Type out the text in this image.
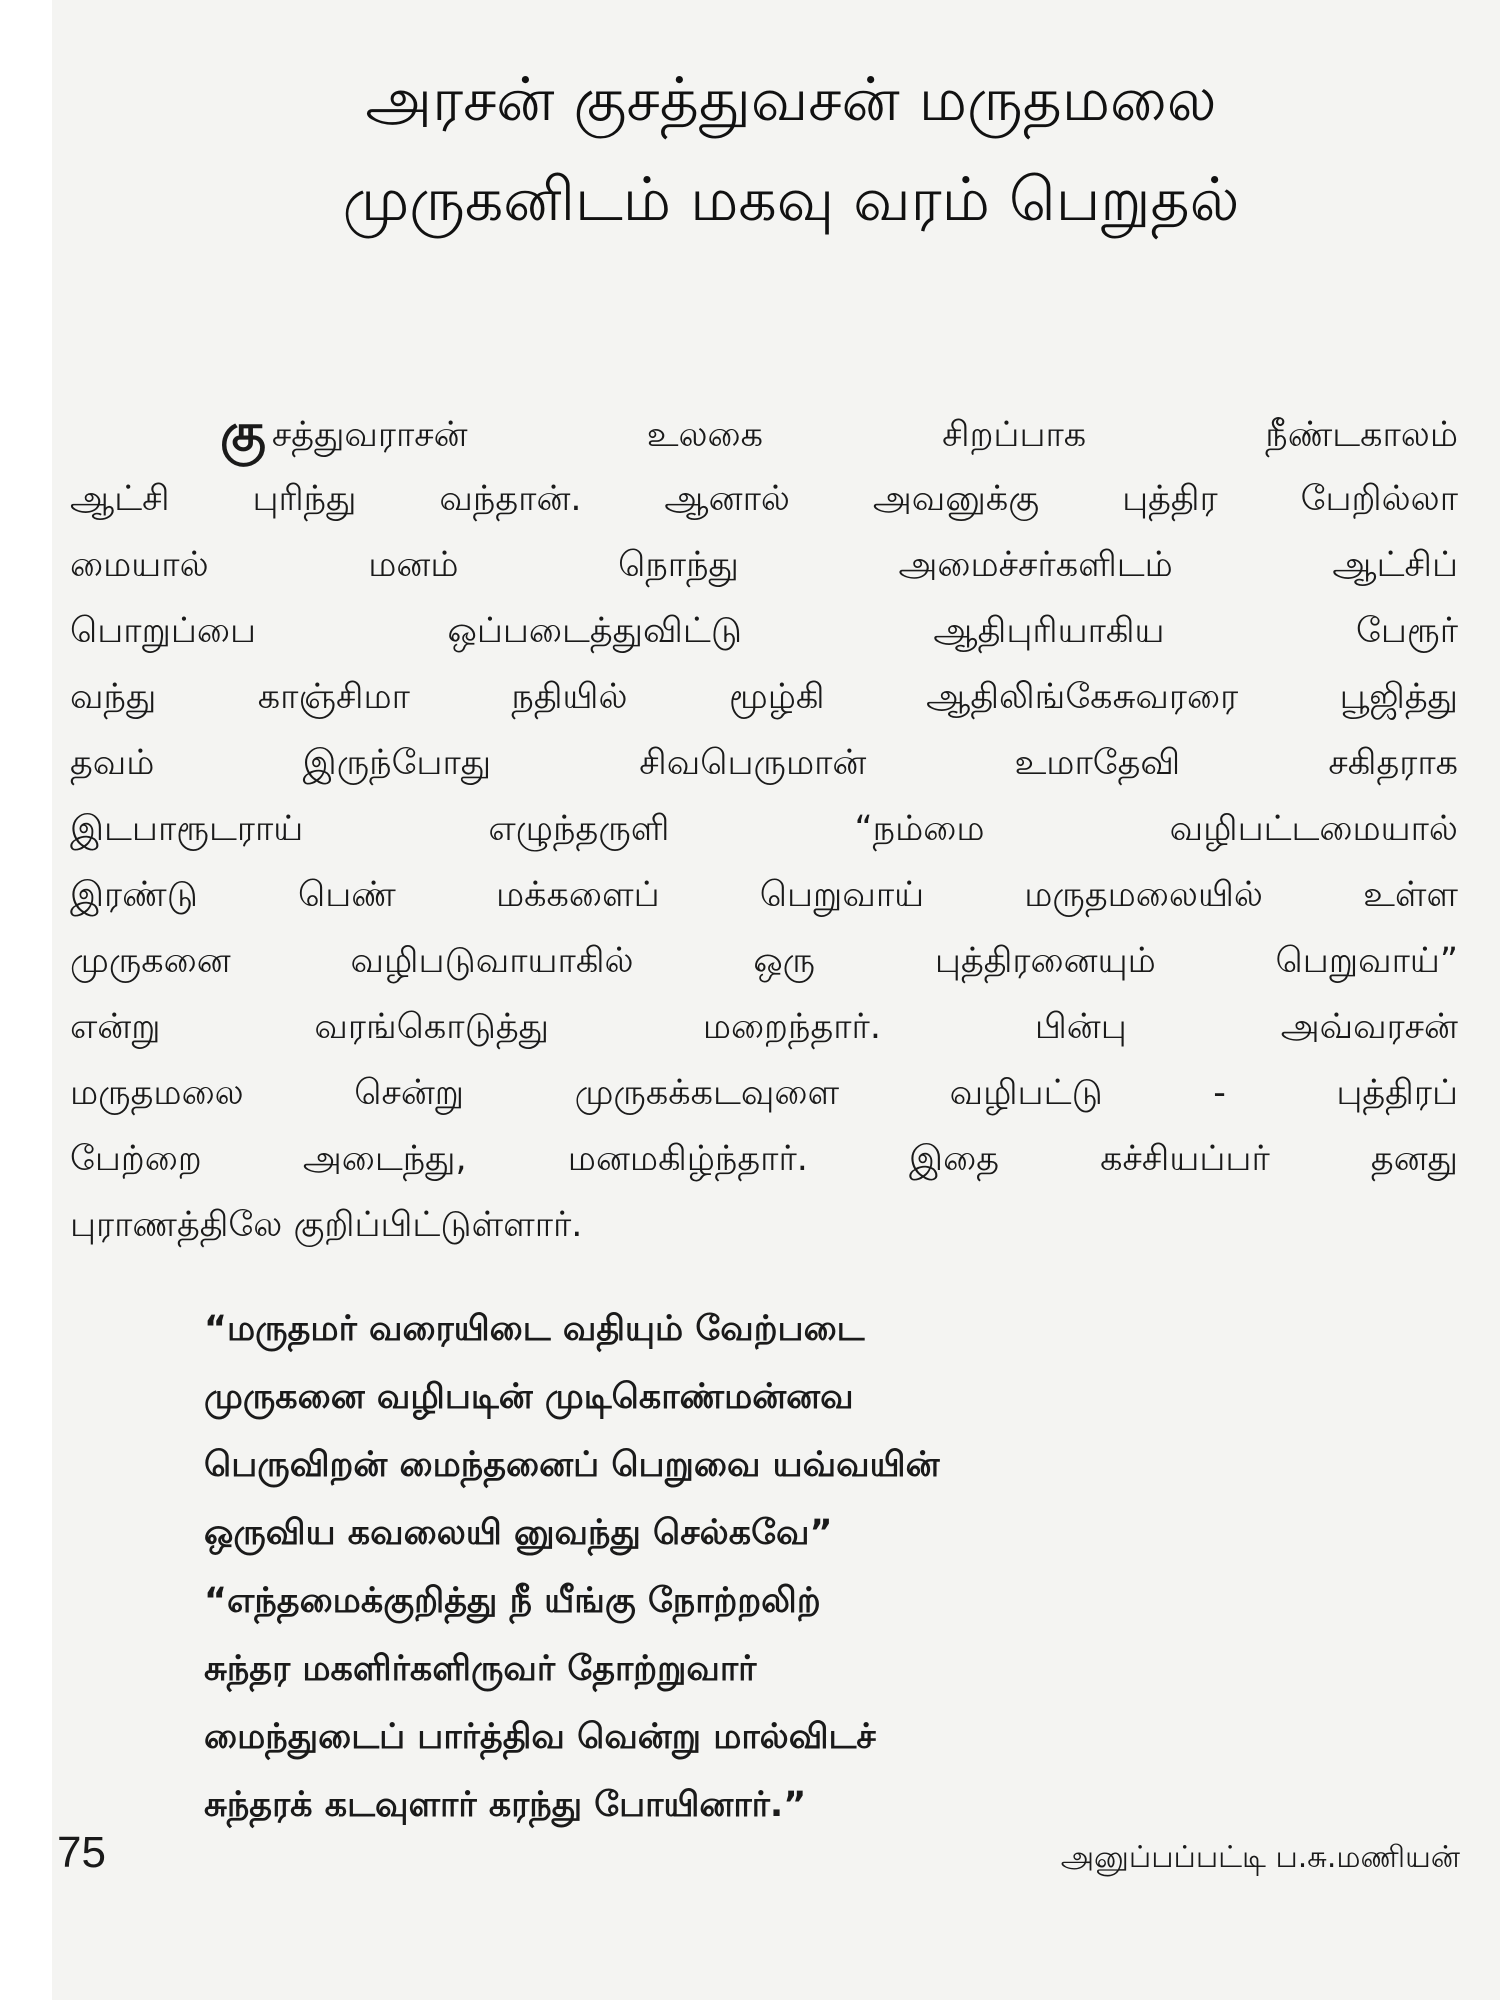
அரசன் குசத்துவசன் மருதமலை
முருகனிடம் மகவு வரம் பெறுதல்
கு சத்துவராசன் உலகை சிறப்பாக நீண்டகாலம்
ஆட்சி புரிந்து வந்தான். ஆனால் அவனுக்கு புத்திர பேறில்லா
மையால் மனம் நொந்து அமைச்சர்களிடம் ஆட்சிப்
பொறுப்பை ஒப்படைத்துவிட்டு ஆதிபுரியாகிய பேரூர்
வந்து காஞ்சிமா நதியில் மூழ்கி ஆதிலிங்கேசுவரரை பூஜித்து
தவம் இருந்போது சிவபெருமான் உமாதேவி சகிதராக
இடபாரூடராய் எழுந்தருளி “நம்மை வழிபட்டமையால்
இரண்டு பெண் மக்களைப் பெறுவாய் மருதமலையில் உள்ள
முருகனை வழிபடுவாயாகில் ஒரு புத்திரனையும் பெறுவாய்”
என்று வரங்கொடுத்து மறைந்தார். பின்பு அவ்வரசன்
மருதமலை சென்று முருகக்கடவுளை வழிபட்டு - புத்திரப்
பேற்றை அடைந்து, மனமகிழ்ந்தார். இதை கச்சியப்பர் தனது
புராணத்திலே குறிப்பிட்டுள்ளார்.
“மருதமர் வரையிடை வதியும் வேற்படை
முருகனை வழிபடின் முடிகொண்மன்னவ
பெருவிறன் மைந்தனைப் பெறுவை யவ்வயின்
ஒருவிய கவலையி னுவந்து செல்கவே”
“எந்தமைக்குறித்து நீ யீங்கு நோற்றலிற்
சுந்தர மகளிர்களிருவர் தோற்றுவார்
மைந்துடைப் பார்த்திவ வென்று மால்விடச்
சுந்தரக் கடவுளார் கரந்து போயினார்.”
75	அனுப்பப்பட்டி ப.சு.மணியன்
